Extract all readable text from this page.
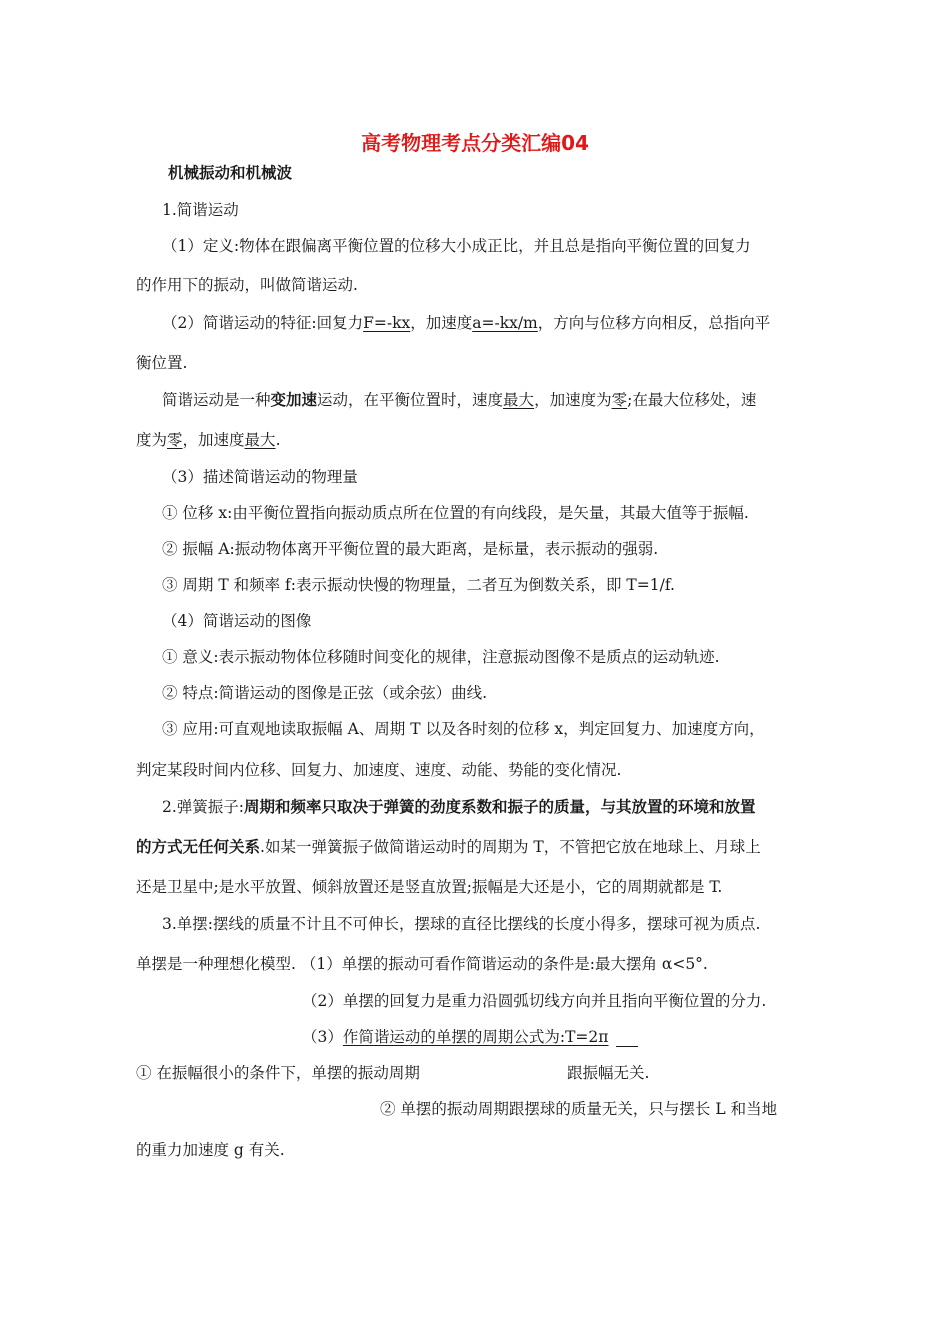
高考物理考点分类汇编04
机械振动和机械波
1.简谐运动
（1）定义:物体在跟偏离平衡位置的位移大小成正比，并且总是指向平衡位置的回复力
的作用下的振动，叫做简谐运动.
（2）简谐运动的特征:回复力F=-kx，加速度a=-kx/m，方向与位移方向相反，总指向平
衡位置.
简谐运动是一种变加速运动，在平衡位置时，速度最大，加速度为零;在最大位移处，速
度为零，加速度最大.
（3）描述简谐运动的物理量
① 位移 x:由平衡位置指向振动质点所在位置的有向线段，是矢量，其最大值等于振幅.
② 振幅 A:振动物体离开平衡位置的最大距离，是标量，表示振动的强弱.
③ 周期 T 和频率 f:表示振动快慢的物理量，二者互为倒数关系，即 T=1/f.
（4）简谐运动的图像
① 意义:表示振动物体位移随时间变化的规律，注意振动图像不是质点的运动轨迹.
② 特点:简谐运动的图像是正弦（或余弦）曲线.
③ 应用:可直观地读取振幅 A、周期 T 以及各时刻的位移 x，判定回复力、加速度方向，
判定某段时间内位移、回复力、加速度、速度、动能、势能的变化情况.
2.弹簧振子:周期和频率只取决于弹簧的劲度系数和振子的质量，与其放置的环境和放置
的方式无任何关系.如某一弹簧振子做简谐运动时的周期为 T，不管把它放在地球上、月球上
还是卫星中;是水平放置、倾斜放置还是竖直放置;振幅是大还是小，它的周期就都是 T.
3.单摆:摆线的质量不计且不可伸长，摆球的直径比摆线的长度小得多，摆球可视为质点.
单摆是一种理想化模型. （1）单摆的振动可看作简谐运动的条件是:最大摆角 α<5°.
（2）单摆的回复力是重力沿圆弧切线方向并且指向平衡位置的分力.
（3）作简谐运动的单摆的周期公式为:T=2π
① 在振幅很小的条件下，单摆的振动周期	跟振幅无关.
② 单摆的振动周期跟摆球的质量无关，只与摆长 L 和当地
的重力加速度 g 有关.
